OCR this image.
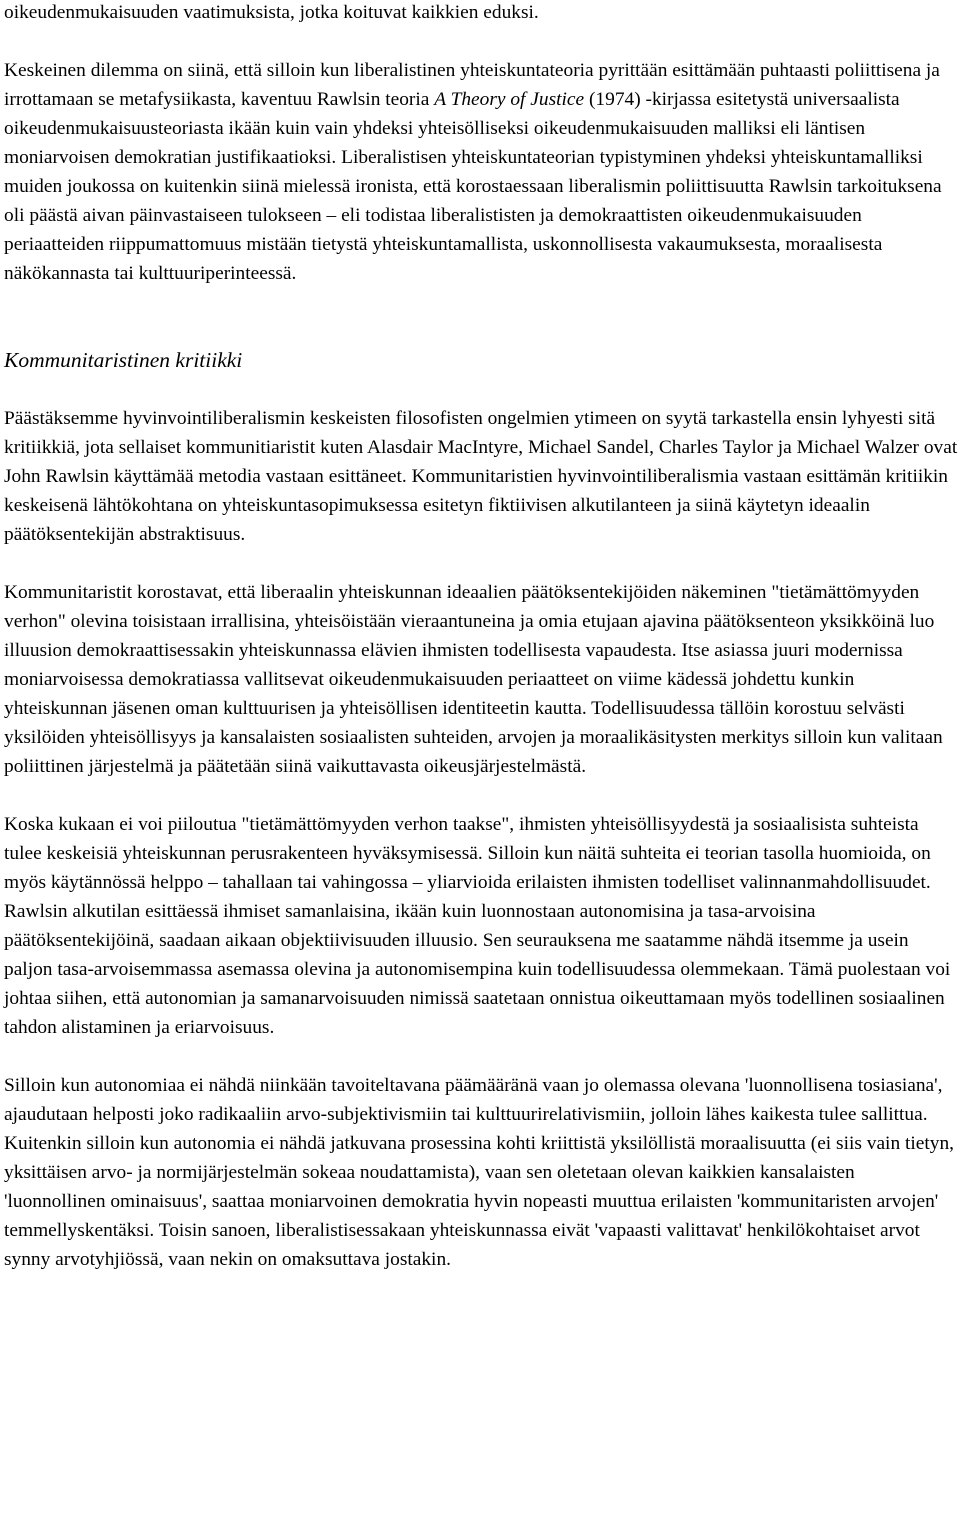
oikeudenmukaisuuden vaatimuksista, jotka koituvat kaikkien eduksi.

Keskeinen dilemma on siinä, että silloin kun liberalistinen yhteiskuntateoria pyrittään esittämään puhtaasti poliittisena ja irrottamaan se metafysiikasta, kaventuu Rawlsin teoria A Theory of Justice (1974) -kirjassa esitetystä universaalista oikeudenmukaisuusteoriasta ikään kuin vain yhdeksi yhteisölliseksi oikeudenmukaisuuden malliksi eli läntisen moniarvoisen demokratian justifikaatioksi. Liberalistisen yhteiskuntateorian typistyminen yhdeksi yhteiskuntamalliksi muiden joukossa on kuitenkin siinä mielessä ironista, että korostaessaan liberalismin poliittisuutta Rawlsin tarkoituksena oli päästä aivan päinvastaiseen tulokseen – eli todistaa liberalististen ja demokraattisten oikeudenmukaisuuden periaatteiden riippumattomuus mistään tietystä yhteiskuntamallista, uskonnollisesta vakaumuksesta, moraalisesta näkökannasta tai kulttuuriperinteessä.

Kommunitaristinen kritiikki

Päästäksemme hyvinvointiliberalismin keskeisten filosofisten ongelmien ytimeen on syytä tarkastella ensin lyhyesti sitä kritiikkiä, jota sellaiset kommunitiaristit kuten Alasdair MacIntyre, Michael Sandel, Charles Taylor ja Michael Walzer ovat John Rawlsin käyttämää metodia vastaan esittäneet. Kommunitaristien hyvinvointiliberalismia vastaan esittämän kritiikin keskeisenä lähtökohtana on yhteiskuntasopimuksessa esitetyn fiktiivisen alkutilanteen ja siinä käytetyn ideaalin päätöksentekijän abstraktisuus.

Kommunitaristit korostavat, että liberaalin yhteiskunnan ideaalien päätöksentekijöiden näkeminen "tietämättömyyden verhon" olevina toisistaan irrallisina, yhteisöistään vieraantuneina ja omia etujaan ajavina päätöksenteon yksikköinä luo illuusion demokraattisessakin yhteiskunnassa elävien ihmisten todellisesta vapaudesta. Itse asiassa juuri modernissa moniarvoisessa demokratiassa vallitsevat oikeudenmukaisuuden periaatteet on viime kädessä johdettu kunkin yhteiskunnan jäsenen oman kulttuurisen ja yhteisöllisen identiteetin kautta. Todellisuudessa tällöin korostuu selvästi yksilöiden yhteisöllisyys ja kansalaisten sosiaalisten suhteiden, arvojen ja moraalikäsitysten merkitys silloin kun valitaan poliittinen järjestelmä ja päätetään siinä vaikuttavasta oikeusjärjestelmästä.

Koska kukaan ei voi piiloutua "tietämättömyyden verhon taakse", ihmisten yhteisöllisyydestä ja sosiaalisista suhteista tulee keskeisiä yhteiskunnan perusrakenteen hyväksymisessä. Silloin kun näitä suhteita ei teorian tasolla huomioida, on myös käytännössä helppo – tahallaan tai vahingossa – yliarvioida erilaisten ihmisten todelliset valinnanmahdollisuudet. Rawlsin alkutilan esittäessä ihmiset samanlaisina, ikään kuin luonnostaan autonomisina ja tasa-arvoisina päätöksentekijöinä, saadaan aikaan objektiivisuuden illuusio. Sen seurauksena me saatamme nähdä itsemme ja usein paljon tasa-arvoisemmassa asemassa olevina ja autonomisempina kuin todellisuudessa olemmekaan. Tämä puolestaan voi johtaa siihen, että autonomian ja samanarvoisuuden nimissä saatetaan onnistua oikeuttamaan myös todellinen sosiaalinen tahdon alistaminen ja eriarvoisuus.

Silloin kun autonomiaa ei nähdä niinkään tavoiteltavana päämääränä vaan jo olemassa olevana 'luonnollisena tosiasiana', ajaudutaan helposti joko radikaaliin arvo-subjektivismiin tai kulttuurirelativismiin, jolloin lähes kaikesta tulee sallittua. Kuitenkin silloin kun autonomia ei nähdä jatkuvana prosessina kohti kriittistä yksilöllistä moraalisuutta (ei siis vain tietyn, yksittäisen arvo- ja normijärjestelmän sokeaa noudattamista), vaan sen oletetaan olevan kaikkien kansalaisten 'luonnollinen ominaisuus', saattaa moniarvoinen demokratia hyvin nopeasti muuttua erilaisten 'kommunitaristen arvojen' temmellyskentäksi. Toisin sanoen, liberalistisessakaan yhteiskunnassa eivät 'vapaasti valittavat' henkilökohtaiset arvot synny arvotyhjiössä, vaan nekin on omaksuttava jostakin.
